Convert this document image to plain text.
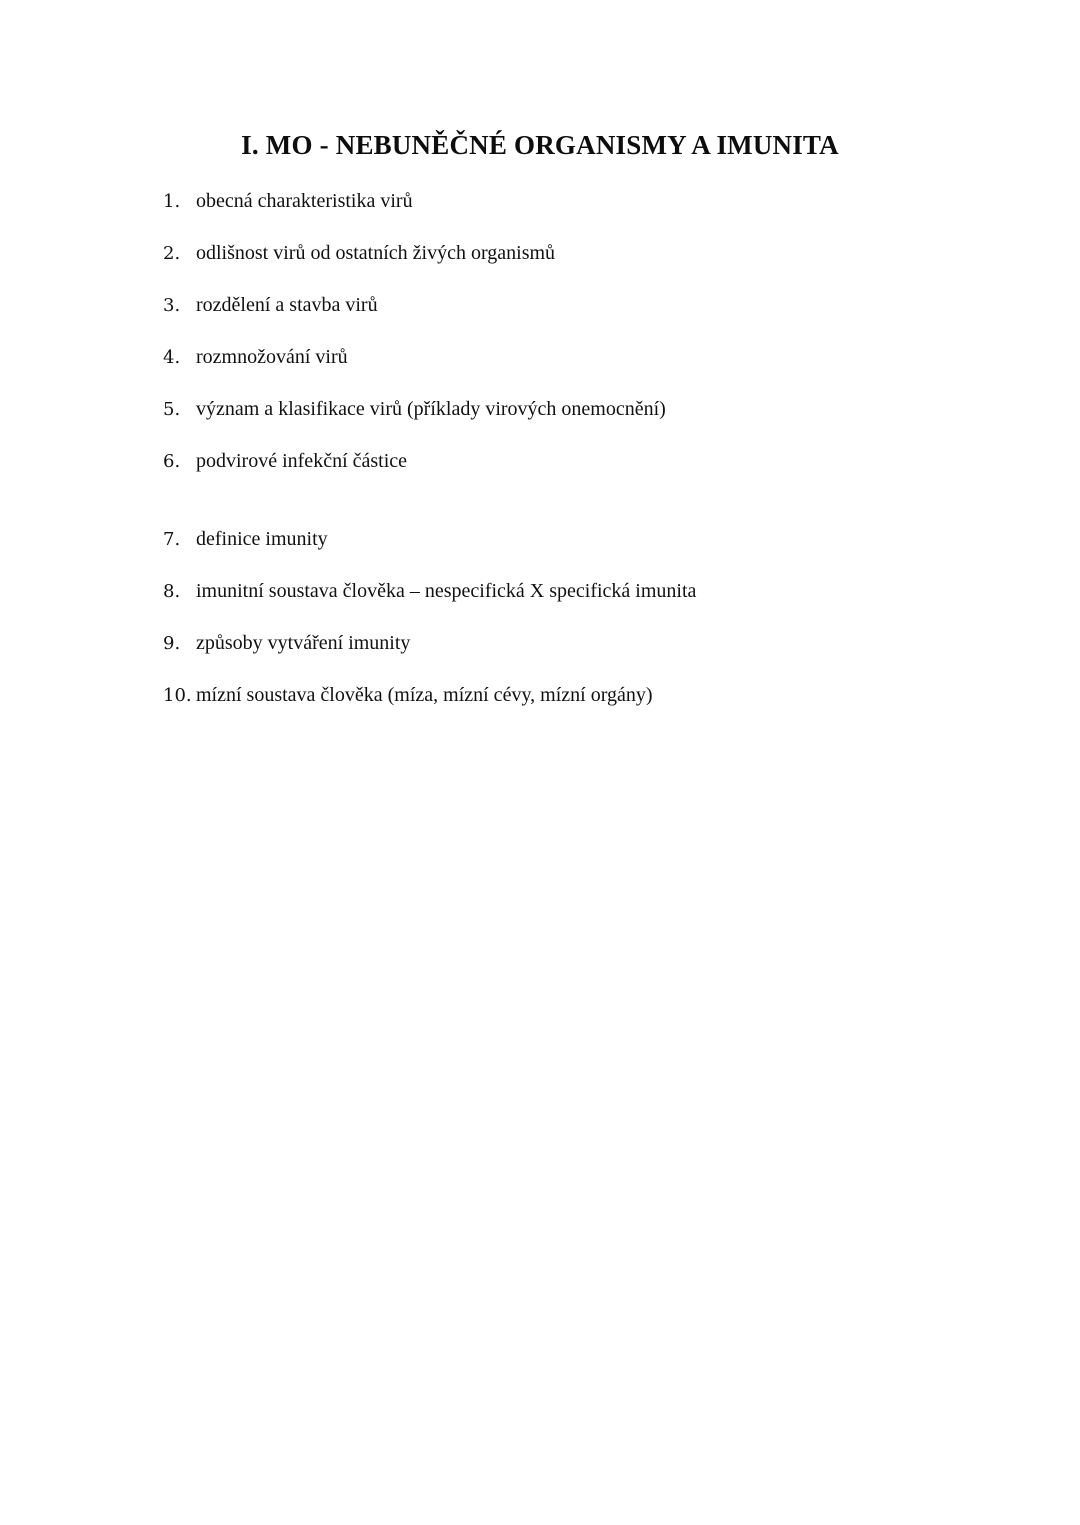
I. MO - NEBUNĚČNÉ ORGANISMY A IMUNITA
1. obecná charakteristika virů
2. odlišnost virů od ostatních živých organismů
3. rozdělení a stavba virů
4. rozmnožování virů
5. význam a klasifikace virů (příklady virových onemocnění)
6. podvirové infekční částice
7. definice imunity
8. imunitní soustava člověka – nespecifická X specifická imunita
9. způsoby vytváření imunity
10. mízní soustava člověka (míza, mízní cévy, mízní orgány)
